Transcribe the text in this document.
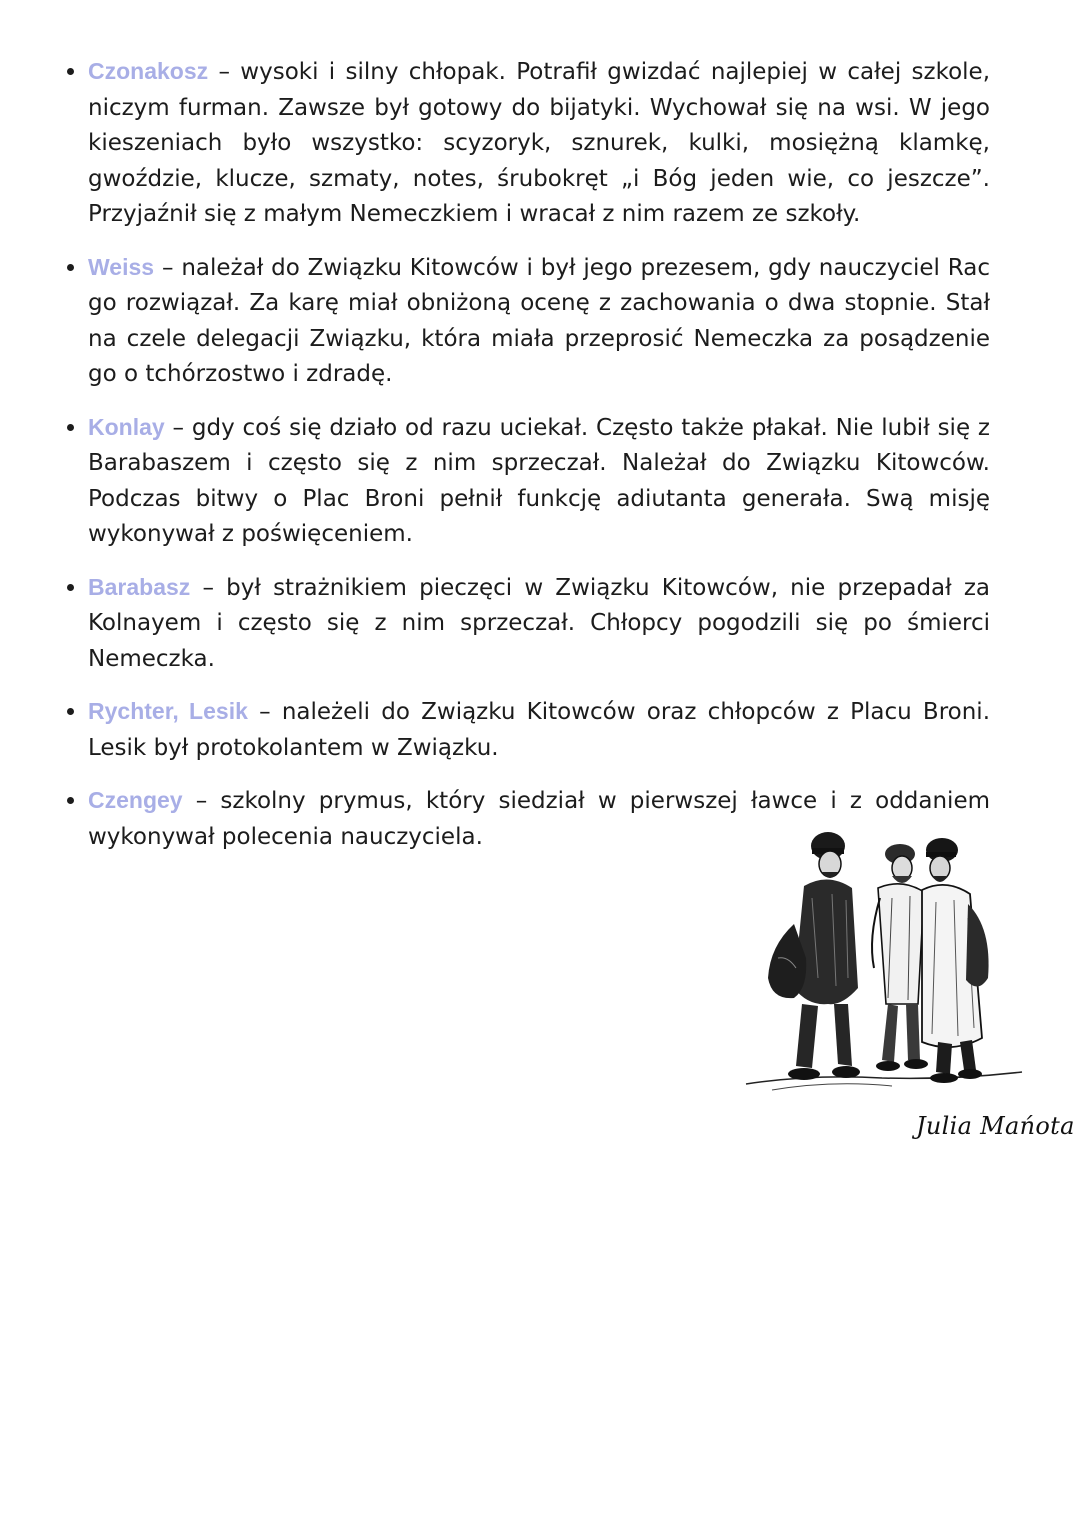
Czonakosz – wysoki i silny chłopak. Potrafił gwizdać najlepiej w całej szkole, niczym furman. Zawsze był gotowy do bijatyki. Wychował się na wsi. W jego kieszeniach było wszystko: scyzoryk, sznurek, kulki, mosiężną klamkę, gwoździe, klucze, szmaty, notes, śrubokręt „i Bóg jeden wie, co jeszcze”. Przyjaźnił się z małym Nemeczkiem i wracał z nim razem ze szkoły.
Weiss – należał do Związku Kitowców i był jego prezesem, gdy nauczyciel Rac go rozwiązał. Za karę miał obniżoną ocenę z zachowania o dwa stopnie. Stał na czele delegacji Związku, która miała przeprosić Nemeczka za posądzenie go o tchórzostwo i zdradę.
Konlay – gdy coś się działo od razu uciekał. Często także płakał. Nie lubił się z Barabaszem i często się z nim sprzeczał. Należał do Związku Kitowców. Podczas bitwy o Plac Broni pełnił funkcję adiutanta generała. Swą misję wykonywał z poświęceniem.
Barabasz – był strażnikiem pieczęci w Związku Kitowców, nie przepadał za Kolnayem i często się z nim sprzeczał. Chłopcy pogodzili się po śmierci Nemeczka.
Rychter, Lesik – należeli do Związku Kitowców oraz chłopców z Placu Broni. Lesik był protokolantem w Związku.
Czengey – szkolny prymus, który siedział w pierwszej ławce i z oddaniem wykonywał polecenia nauczyciela.
Julia Mańota
